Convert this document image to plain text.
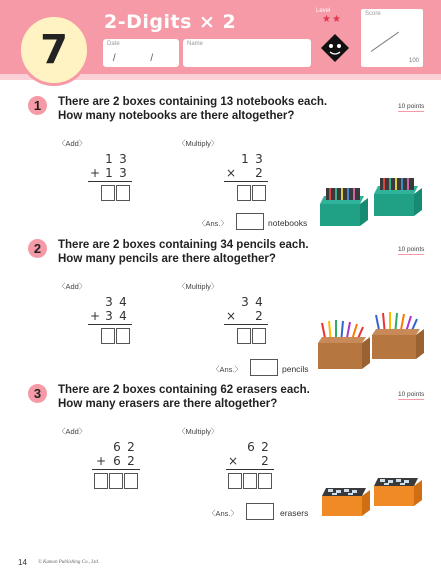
7
2-Digits × 2	Level
★★
Date
/ /
Name
Score
100
1	There are 2 boxes containing 13 notebooks each.
How many notebooks are there altogether?
10 points
〈Add〉
1 3
+ 1 3
〈Multiply〉
1 3
× 2
〈Ans.〉	notebooks
2	There are 2 boxes containing 34 pencils each.
How many pencils are there altogether?
10 points
〈Add〉
3 4
+ 3 4
〈Multiply〉
3 4
× 2
〈Ans.〉	pencils
3	There are 2 boxes containing 62 erasers each.
How many erasers are there altogether?
10 points
〈Add〉
6 2
+ 6 2
〈Multiply〉
6 2
× 2
〈Ans.〉	erasers
14 © Kumon Publishing Co., Ltd.
